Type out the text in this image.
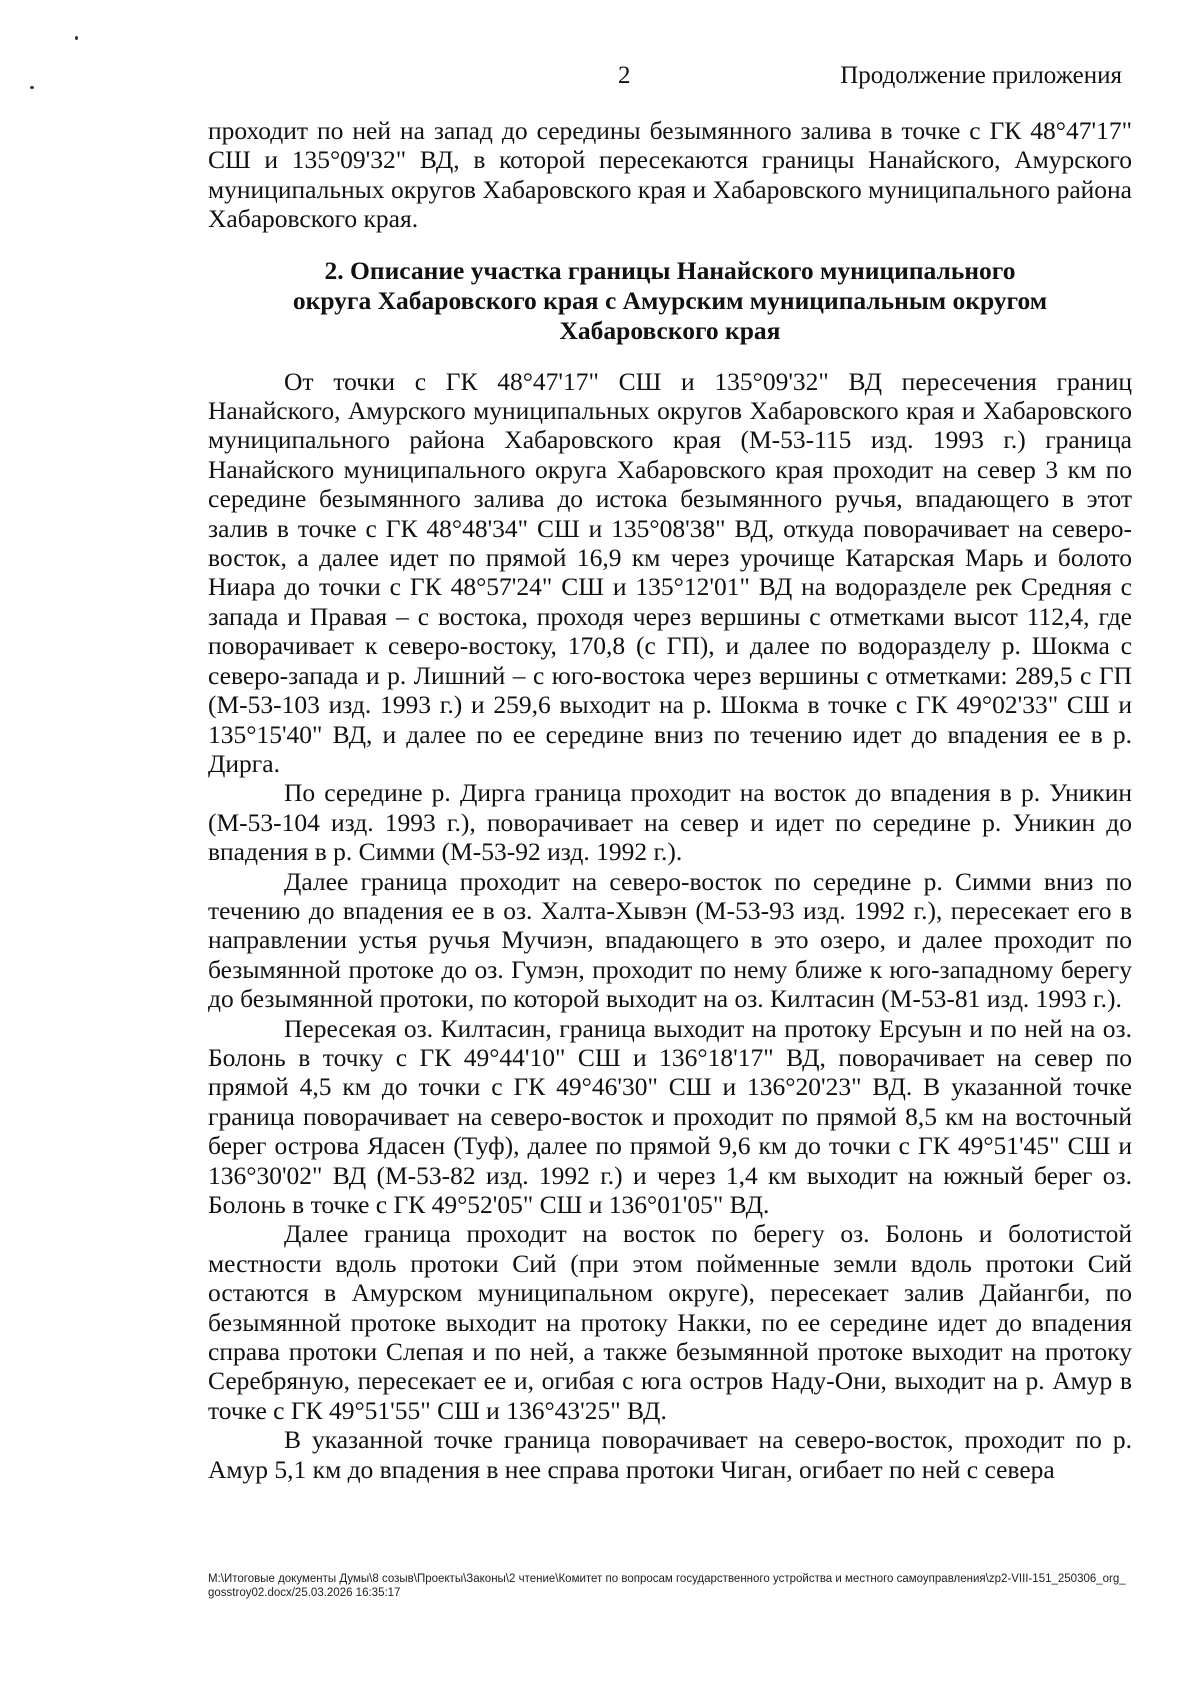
2	Продолжение приложения

проходит по ней на запад до середины безымянного залива в точке с ГК 48°47'17" СШ и 135°09'32" ВД, в которой пересекаются границы Нанайского, Амурского муниципальных округов Хабаровского края и Хабаровского муниципального района Хабаровского края.

2. Описание участка границы Нанайского муниципального
округа Хабаровского края с Амурским муниципальным округом
Хабаровского края

От точки с ГК 48°47'17" СШ и 135°09'32" ВД пересечения границ Нанайского, Амурского муниципальных округов Хабаровского края и Хабаровского муниципального района Хабаровского края (М-53-115 изд. 1993 г.) граница Нанайского муниципального округа Хабаровского края проходит на север 3 км по середине безымянного залива до истока безымянного ручья, впадающего в этот залив в точке с ГК 48°48'34" СШ и 135°08'38" ВД, откуда поворачивает на северо-восток, а далее идет по прямой 16,9 км через урочище Катарская Марь и болото Ниара до точки с ГК 48°57'24" СШ и 135°12'01" ВД на водоразделе рек Средняя с запада и Правая – с востока, проходя через вершины с отметками высот 112,4, где поворачивает к северо-востоку, 170,8 (с ГП), и далее по водоразделу р. Шокма с северо-запада и р. Лишний – с юго-востока через вершины с отметками: 289,5 с ГП (М-53-103 изд. 1993 г.) и 259,6 выходит на р. Шокма в точке с ГК 49°02'33" СШ и 135°15'40" ВД, и далее по ее середине вниз по течению идет до впадения ее в р. Дирга.

По середине р. Дирга граница проходит на восток до впадения в р. Уникин (М-53-104 изд. 1993 г.), поворачивает на север и идет по середине р. Уникин до впадения в р. Симми (М-53-92 изд. 1992 г.).

Далее граница проходит на северо-восток по середине р. Симми вниз по течению до впадения ее в оз. Халта-Хывэн (М-53-93 изд. 1992 г.), пересекает его в направлении устья ручья Мучиэн, впадающего в это озеро, и далее проходит по безымянной протоке до оз. Гумэн, проходит по нему ближе к юго-западному берегу до безымянной протоки, по которой выходит на оз. Килтасин (М-53-81 изд. 1993 г.).

Пересекая оз. Килтасин, граница выходит на протоку Ерсуын и по ней на оз. Болонь в точку с ГК 49°44'10" СШ и 136°18'17" ВД, поворачивает на север по прямой 4,5 км до точки с ГК 49°46'30" СШ и 136°20'23" ВД. В указанной точке граница поворачивает на северо-восток и проходит по прямой 8,5 км на восточный берег острова Ядасен (Туф), далее по прямой 9,6 км до точки с ГК 49°51'45" СШ и 136°30'02" ВД (М-53-82 изд. 1992 г.) и через 1,4 км выходит на южный берег оз. Болонь в точке с ГК 49°52'05" СШ и 136°01'05" ВД.

Далее граница проходит на восток по берегу оз. Болонь и болотистой местности вдоль протоки Сий (при этом пойменные земли вдоль протоки Сий остаются в Амурском муниципальном округе), пересекает залив Дайангби, по безымянной протоке выходит на протоку Накки, по ее середине идет до впадения справа протоки Слепая и по ней, а также безымянной протоке выходит на протоку Серебряную, пересекает ее и, огибая с юга остров Наду-Они, выходит на р. Амур в точке с ГК 49°51'55" СШ и 136°43'25" ВД.

В указанной точке граница поворачивает на северо-восток, проходит по р. Амур 5,1 км до впадения в нее справа протоки Чиган, огибает по ней с севера

M:\Итоговые документы Думы\8 созыв\Проекты\Законы\2 чтение\Комитет по вопросам государственного устройства и местного самоуправления\zp2-VIII-151_250306_org_gosstroy02.docx/25.03.2026 16:35:17
